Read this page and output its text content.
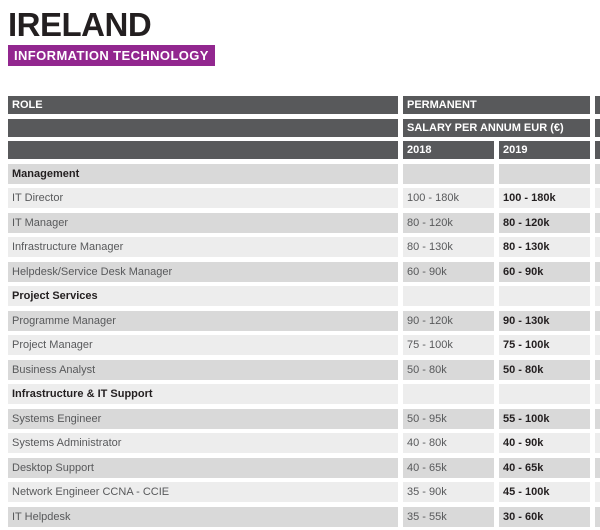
IRELAND
INFORMATION TECHNOLOGY
ROLE	PERMANENT
SALARY PER ANNUM EUR (€)
2018	2019
Management
IT Director	100 - 180k	100 - 180k
IT Manager	80 - 120k	80 - 120k
Infrastructure Manager	80 - 130k	80 - 130k
Helpdesk/Service Desk Manager	60 - 90k	60 - 90k
Project Services
Programme Manager	90 - 120k	90 - 130k
Project Manager	75 - 100k	75 - 100k
Business Analyst	50 - 80k	50 - 80k
Infrastructure & IT Support
Systems Engineer	50 - 95k	55 - 100k
Systems Administrator	40 - 80k	40 - 90k
Desktop Support	40 - 65k	40 - 65k
Network Engineer CCNA - CCIE	35 - 90k	45 - 100k
IT Helpdesk	35 - 55k	30 - 60k
